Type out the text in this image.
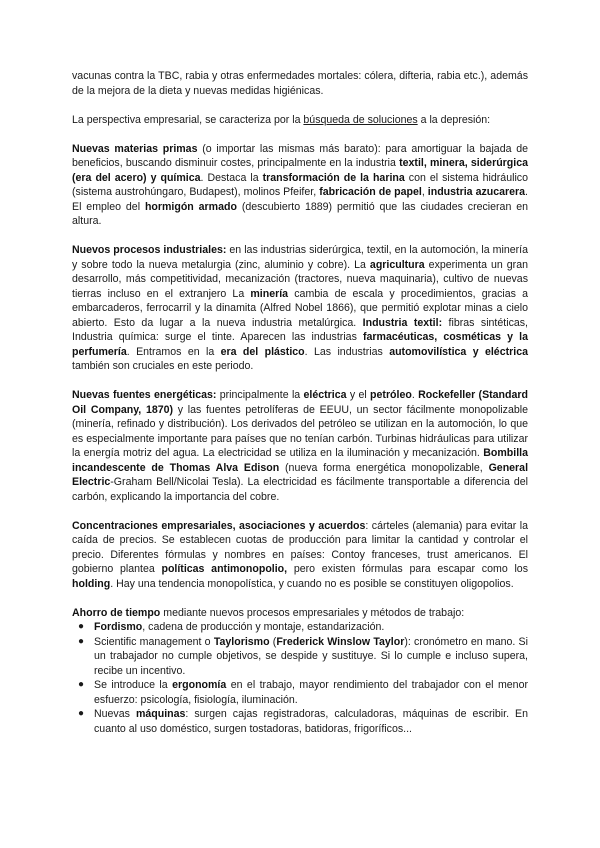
vacunas contra la TBC, rabia y otras enfermedades mortales: cólera, difteria, rabia etc.), además de la mejora de la dieta y nuevas medidas higiénicas.

La perspectiva empresarial, se caracteriza por la búsqueda de soluciones a la depresión:

Nuevas materias primas (o importar las mismas más barato): para amortiguar la bajada de beneficios, buscando disminuir costes, principalmente en la industria textil, minera, siderúrgica (era del acero) y química. Destaca la transformación de la harina con el sistema hidráulico (sistema austrohúngaro, Budapest), molinos Pfeifer, fabricación de papel, industria azucarera. El empleo del hormigón armado (descubierto 1889) permitió que las ciudades crecieran en altura.

Nuevos procesos industriales: en las industrias siderúrgica, textil, en la automoción, la minería y sobre todo la nueva metalurgia (zinc, aluminio y cobre). La agricultura experimenta un gran desarrollo, más competitividad, mecanización (tractores, nueva maquinaria), cultivo de nuevas tierras incluso en el extranjero La minería cambia de escala y procedimientos, gracias a embarcaderos, ferrocarril y la dinamita (Alfred Nobel 1866), que permitió explotar minas a cielo abierto. Esto da lugar a la nueva industria metalúrgica. Industria textil: fibras sintéticas, Industria química: surge el tinte. Aparecen las industrias farmacéuticas, cosméticas y la perfumería. Entramos en la era del plástico. Las industrias automovilística y eléctrica también son cruciales en este periodo.

Nuevas fuentes energéticas: principalmente la eléctrica y el petróleo. Rockefeller (Standard Oil Company, 1870) y las fuentes petrolíferas de EEUU, un sector fácilmente monopolizable (minería, refinado y distribución). Los derivados del petróleo se utilizan en la automoción, lo que es especialmente importante para países que no tenían carbón. Turbinas hidráulicas para utilizar la energía motriz del agua. La electricidad se utiliza en la iluminación y mecanización. Bombilla incandescente de Thomas Alva Edison (nueva forma energética monopolizable, General Electric-Graham Bell/Nicolai Tesla). La electricidad es fácilmente transportable a diferencia del carbón, explicando la importancia del cobre.

Concentraciones empresariales, asociaciones y acuerdos: cárteles (alemania) para evitar la caída de precios. Se establecen cuotas de producción para limitar la cantidad y controlar el precio. Diferentes fórmulas y nombres en países: Contoy franceses, trust americanos. El gobierno plantea políticas antimonopolio, pero existen fórmulas para escapar como los holding. Hay una tendencia monopolística, y cuando no es posible se constituyen oligopolios.

Ahorro de tiempo mediante nuevos procesos empresariales y métodos de trabajo:

● Fordismo, cadena de producción y montaje, estandarización.
● Scientific management o Taylorismo (Frederick Winslow Taylor): cronómetro en mano. Si un trabajador no cumple objetivos, se despide y sustituye. Si lo cumple e incluso supera, recibe un incentivo.
● Se introduce la ergonomía en el trabajo, mayor rendimiento del trabajador con el menor esfuerzo: psicología, fisiología, iluminación.
● Nuevas máquinas: surgen cajas registradoras, calculadoras, máquinas de escribir. En cuanto al uso doméstico, surgen tostadoras, batidoras, frigoríficos...
